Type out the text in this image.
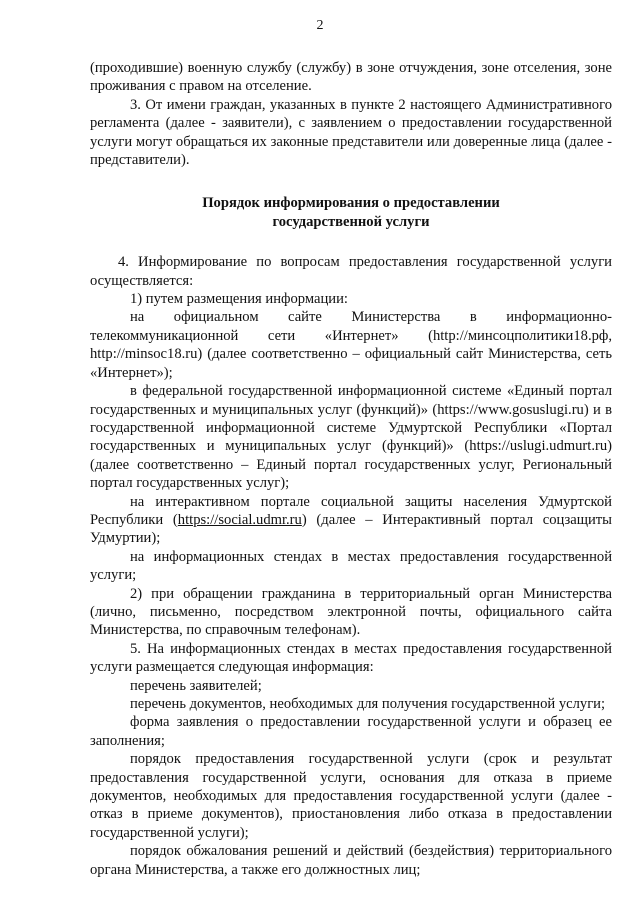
2

(проходившие) военную службу (службу) в зоне отчуждения, зоне отселения, зоне проживания с правом на отселение.

3. От имени граждан, указанных в пункте 2 настоящего Административного регламента (далее - заявители), с заявлением о предоставлении государственной услуги могут обращаться их законные представители или доверенные лица (далее - представители).

Порядок информирования о предоставлении

государственной услуги

4. Информирование по вопросам предоставления государственной услуги осуществляется:

1) путем размещения информации:

на официальном сайте Министерства в информационно-телекоммуникационной сети «Интернет» (http://минсоцполитики18.рф, http://minsoc18.ru) (далее соответственно – официальный сайт Министерства, сеть «Интернет»);

в федеральной государственной информационной системе «Единый портал государственных и муниципальных услуг (функций)» (https://www.gosuslugi.ru) и в государственной информационной системе Удмуртской Республики «Портал государственных и муниципальных услуг (функций)» (https://uslugi.udmurt.ru) (далее соответственно – Единый портал государственных услуг, Региональный портал государственных услуг);

на интерактивном портале социальной защиты населения Удмуртской Республики (https://social.udmr.ru) (далее – Интерактивный портал соцзащиты Удмуртии);

на информационных стендах в местах предоставления государственной услуги;

2) при обращении гражданина в территориальный орган Министерства (лично, письменно, посредством электронной почты, официального сайта Министерства, по справочным телефонам).

5. На информационных стендах в местах предоставления государственной услуги размещается следующая информация:

перечень заявителей;

перечень документов, необходимых для получения государственной услуги;

форма заявления о предоставлении государственной услуги и образец ее заполнения;

порядок предоставления государственной услуги (срок и результат предоставления государственной услуги, основания для отказа в приеме документов, необходимых для предоставления государственной услуги (далее - отказ в приеме документов), приостановления либо отказа в предоставлении государственной услуги);

порядок обжалования решений и действий (бездействия) территориального органа Министерства, а также его должностных лиц;
